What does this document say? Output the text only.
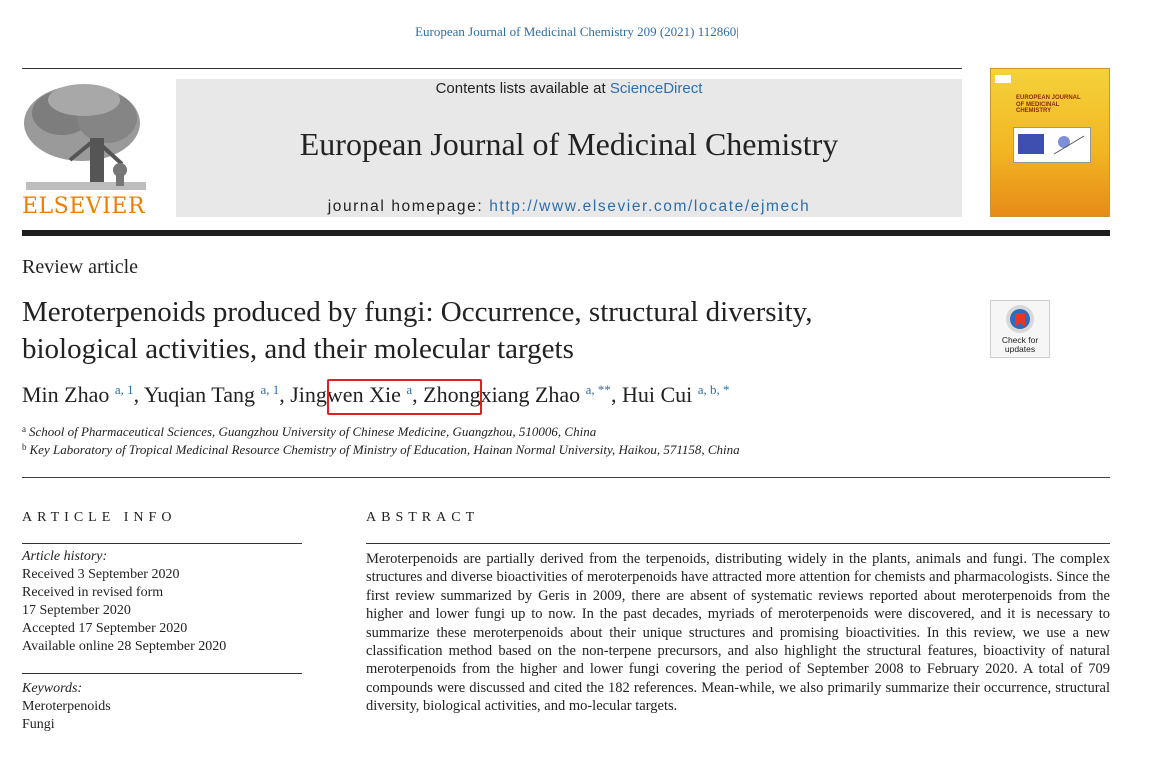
European Journal of Medicinal Chemistry 209 (2021) 112860|
ELSEVIER
Contents lists available at ScienceDirect
European Journal of Medicinal Chemistry
journal homepage: http://www.elsevier.com/locate/ejmech
EUROPEAN JOURNAL OF MEDICINAL CHEMISTRY
Review article
Meroterpenoids produced by fungi: Occurrence, structural diversity,
biological activities, and their molecular targets	Check for updates
Min Zhao $^{a, 1}$, Yuqian Tang $^{a, 1}$, Jingwen Xie $^a$, Zhongxiang Zhao $^{a, **}$, Hui Cui $^{a, b, *}$
$^a$ School of Pharmaceutical Sciences, Guangzhou University of Chinese Medicine, Guangzhou, 510006, China
$^b$ Key Laboratory of Tropical Medicinal Resource Chemistry of Ministry of Education, Hainan Normal University, Haikou, 571158, China
ARTICLE INFO
Article history:
Received 3 September 2020
Received in revised form
17 September 2020
Accepted 17 September 2020
Available online 28 September 2020
Keywords:
Meroterpenoids
Fungi
ABSTRACT
Meroterpenoids are partially derived from the terpenoids, distributing widely in the plants, animals and fungi. The complex structures and diverse bioactivities of meroterpenoids have attracted more attention for chemists and pharmacologists. Since the first review summarized by Geris in 2009, there are absent of systematic reviews reported about meroterpenoids from the higher and lower fungi up to now. In the past decades, myriads of meroterpenoids were discovered, and it is necessary to summarize these meroterpenoids about their unique structures and promising bioactivities. In this review, we use a new classification method based on the non-terpene precursors, and also highlight the structural features, bioactivity of natural meroterpenoids from the higher and lower fungi covering the period of September 2008 to February 2020. A total of 709 compounds were discussed and cited the 182 references. Mean-while, we also primarily summarize their occurrence, structural diversity, biological activities, and mo-lecular targets.
